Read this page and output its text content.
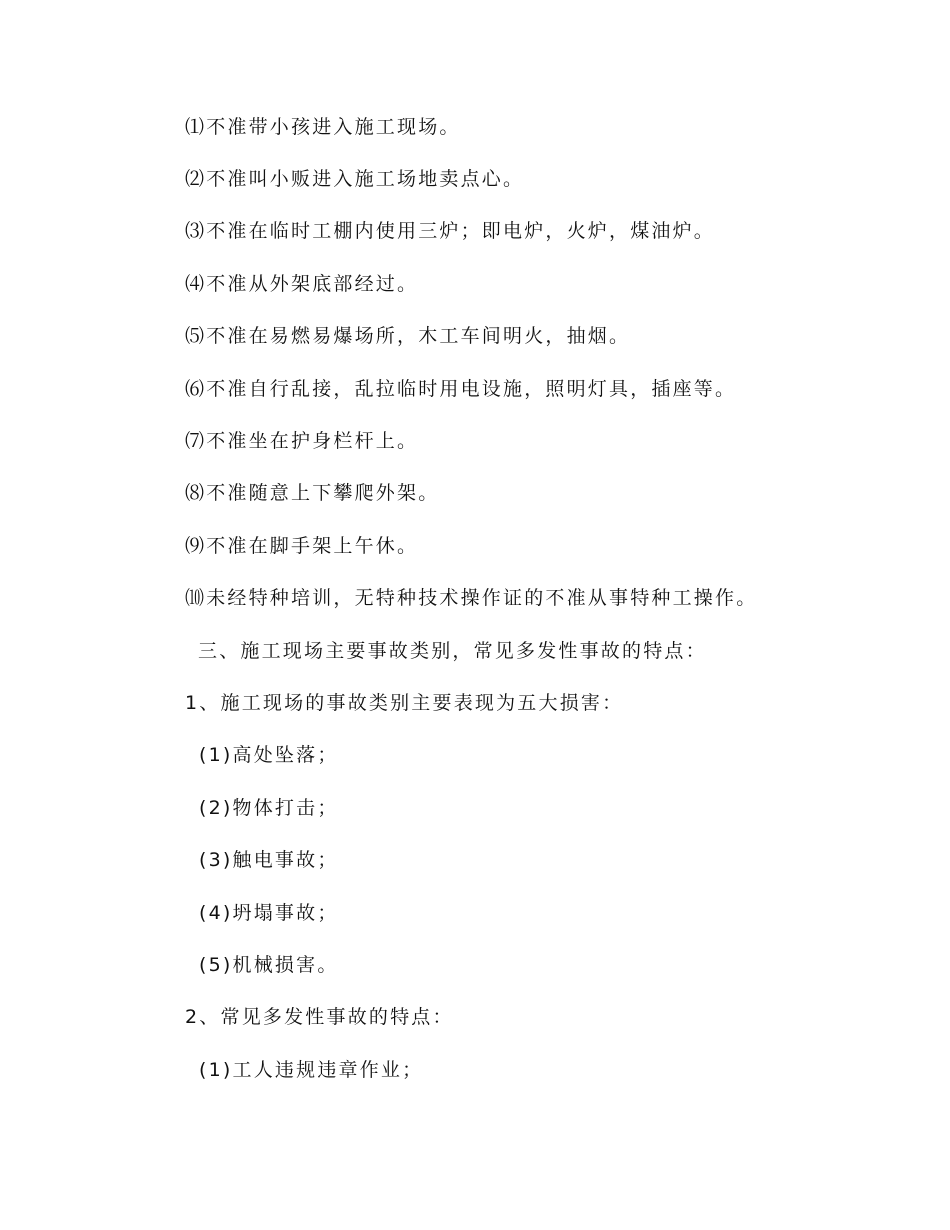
⑴不准带小孩进入施工现场。
⑵不准叫小贩进入施工场地卖点心。
⑶不准在临时工棚内使用三炉；即电炉，火炉，煤油炉。
⑷不准从外架底部经过。
⑸不准在易燃易爆场所，木工车间明火，抽烟。
⑹不准自行乱接，乱拉临时用电设施，照明灯具，插座等。
⑺不准坐在护身栏杆上。
⑻不准随意上下攀爬外架。
⑼不准在脚手架上午休。
⑽未经特种培训，无特种技术操作证的不准从事特种工操作。
三、施工现场主要事故类别，常见多发性事故的特点：
1、施工现场的事故类别主要表现为五大损害：
(1)高处坠落；
(2)物体打击；
(3)触电事故；
(4)坍塌事故；
(5)机械损害。
2、常见多发性事故的特点：
(1)工人违规违章作业；
